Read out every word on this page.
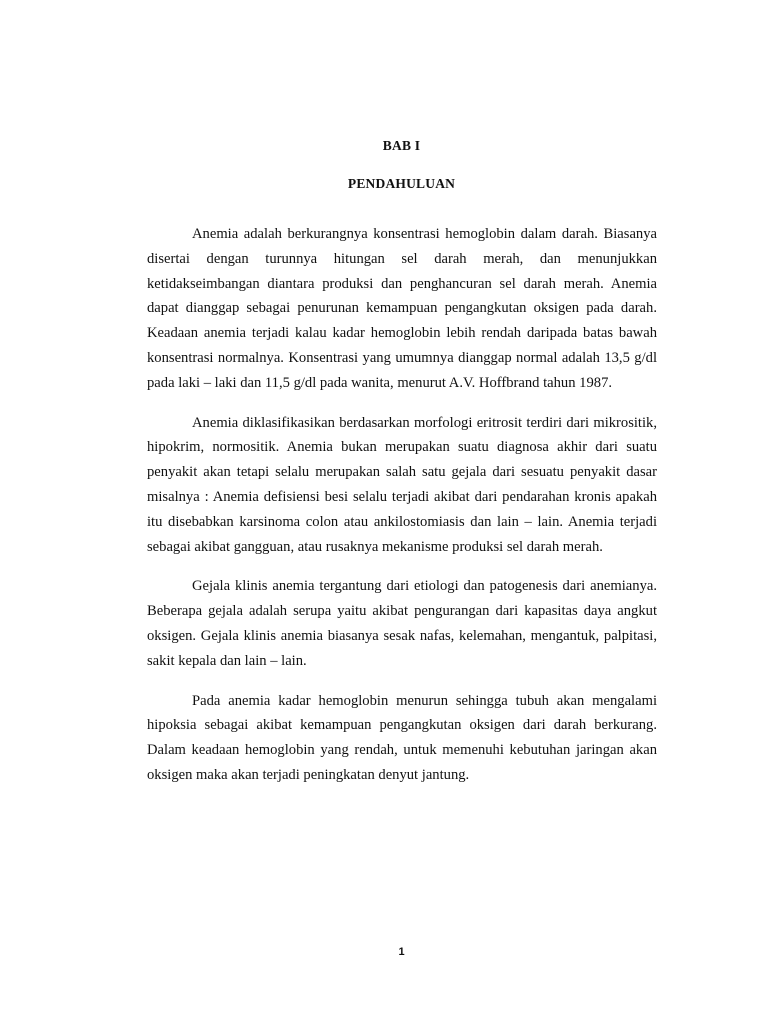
BAB I
PENDAHULUAN

Anemia adalah berkurangnya konsentrasi hemoglobin dalam darah. Biasanya disertai dengan turunnya hitungan sel darah merah, dan menunjukkan ketidakseimbangan diantara produksi dan penghancuran sel darah merah. Anemia dapat dianggap sebagai penurunan kemampuan pengangkutan oksigen pada darah. Keadaan anemia terjadi kalau kadar hemoglobin lebih rendah daripada batas bawah konsentrasi normalnya. Konsentrasi yang umumnya dianggap normal adalah 13,5 g/dl pada laki – laki dan 11,5 g/dl pada wanita, menurut A.V. Hoffbrand tahun 1987.

Anemia diklasifikasikan berdasarkan morfologi eritrosit terdiri dari mikrositik, hipokrim, normositik. Anemia bukan merupakan suatu diagnosa akhir dari suatu penyakit akan tetapi selalu merupakan salah satu gejala dari sesuatu penyakit dasar misalnya : Anemia defisiensi besi selalu terjadi akibat dari pendarahan kronis apakah itu disebabkan karsinoma colon atau ankilostomiasis dan lain – lain. Anemia terjadi sebagai akibat gangguan, atau rusaknya mekanisme produksi sel darah merah.

Gejala klinis anemia tergantung dari etiologi dan patogenesis dari anemianya. Beberapa gejala adalah serupa yaitu akibat pengurangan dari kapasitas daya angkut oksigen. Gejala klinis anemia biasanya sesak nafas, kelemahan, mengantuk, palpitasi, sakit kepala dan lain – lain.

Pada anemia kadar hemoglobin menurun sehingga tubuh akan mengalami hipoksia sebagai akibat kemampuan pengangkutan oksigen dari darah berkurang. Dalam keadaan hemoglobin yang rendah, untuk memenuhi kebutuhan jaringan akan oksigen maka akan terjadi peningkatan denyut jantung.

1
